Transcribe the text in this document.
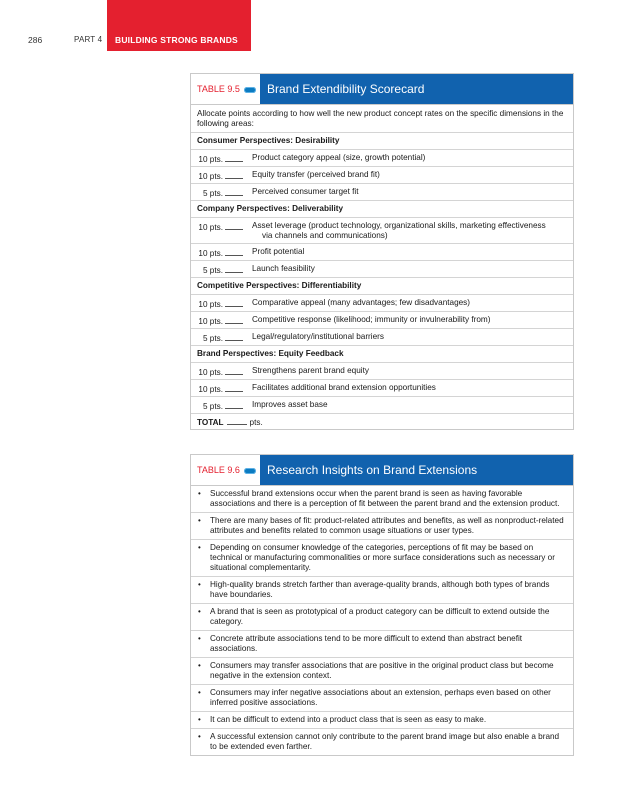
286	PART 4 BUILDING STRONG BRANDS
TABLE 9.5 Brand Extendibility Scorecard
Allocate points according to how well the new product concept rates on the specific dimensions in the following areas:
Consumer Perspectives: Desirability
10 pts.	Product category appeal (size, growth potential)
10 pts.	Equity transfer (perceived brand fit)
5 pts.	Perceived consumer target fit
Company Perspectives: Deliverability
10 pts.	Asset leverage (product technology, organizational skills, marketing effectiveness
via channels and communications)
10 pts.	Profit potential
5 pts.	Launch feasibility
Competitive Perspectives: Differentiability
10 pts.	Comparative appeal (many advantages; few disadvantages)
10 pts.	Competitive response (likelihood; immunity or invulnerability from)
5 pts.	Legal/regulatory/institutional barriers
Brand Perspectives: Equity Feedback
10 pts.	Strengthens parent brand equity
10 pts.	Facilitates additional brand extension opportunities
5 pts.	Improves asset base
TOTAL	pts.
TABLE 9.6 Research Insights on Brand Extensions
• Successful brand extensions occur when the parent brand is seen as having favorable associations and there is a perception of fit between the parent brand and the extension product.
• There are many bases of fit: product-related attributes and benefits, as well as nonproduct-related attributes and benefits related to common usage situations or user types.
• Depending on consumer knowledge of the categories, perceptions of fit may be based on technical or manufacturing commonalities or more surface considerations such as necessary or situational complementarity.
• High-quality brands stretch farther than average-quality brands, although both types of brands have boundaries.
• A brand that is seen as prototypical of a product category can be difficult to extend outside the category.
• Concrete attribute associations tend to be more difficult to extend than abstract benefit associations.
• Consumers may transfer associations that are positive in the original product class but become negative in the extension context.
• Consumers may infer negative associations about an extension, perhaps even based on other inferred positive associations.
• It can be difficult to extend into a product class that is seen as easy to make.
• A successful extension cannot only contribute to the parent brand image but also enable a brand to be extended even farther.
